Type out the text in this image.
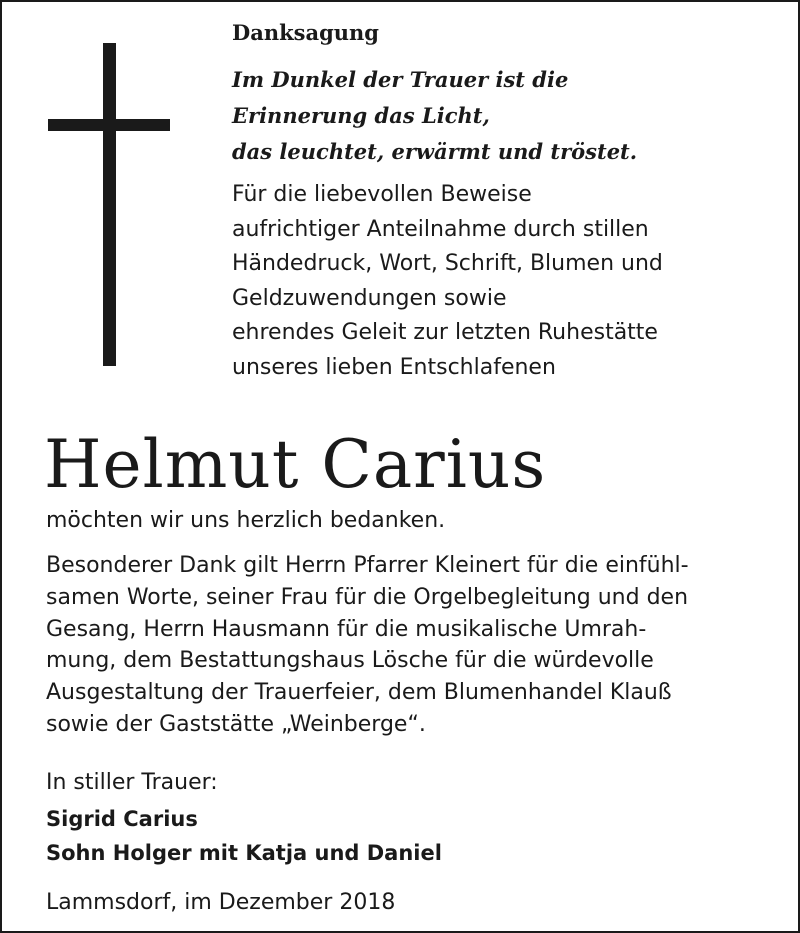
Danksagung

Im Dunkel der Trauer ist die
Erinnerung das Licht,
das leuchtet, erwärmt und tröstet.

Für die liebevollen Beweise
aufrichtiger Anteilnahme durch stillen
Händedruck, Wort, Schrift, Blumen und
Geldzuwendungen sowie
ehrendes Geleit zur letzten Ruhestätte
unseres lieben Entschlafenen

Helmut Carius

möchten wir uns herzlich bedanken.

Besonderer Dank gilt Herrn Pfarrer Kleinert für die einfühl-
samen Worte, seiner Frau für die Orgelbegleitung und den
Gesang, Herrn Hausmann für die musikalische Umrah-
mung, dem Bestattungshaus Lösche für die würdevolle
Ausgestaltung der Trauerfeier, dem Blumenhandel Klauß
sowie der Gaststätte „Weinberge“.

In stiller Trauer:

Sigrid Carius
Sohn Holger mit Katja und Daniel

Lammsdorf, im Dezember 2018
